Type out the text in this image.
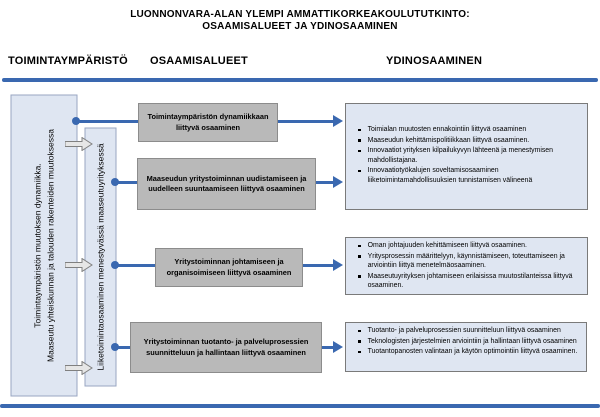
LUONNONVARA-ALAN YLEMPI AMMATTIKORKEAKOULUTUTKINTO:
OSAAMISALUEET JA YDINOSAAMINEN
TOIMINTAYMPÄRISTÖ OSAAMISALUEET	YDINOSAAMINEN
Toimintaympäristön muutoksen dynamiikka. Maaseutu yhteiskunnan ja talouden rakenteiden muutoksessa	Liiketoimintaosaaminen menestyvässä maaseutuyrityksessä
Toimintaympäristön dynamiikkaan liittyvä osaaminen
Maaseudun yritystoiminnan uudistamiseen ja uudelleen suuntaamiseen liittyvä osaaminen
Yritystoiminnan johtamiseen ja organisoimiseen liittyvä osaaminen
Yritystoiminnan tuotanto- ja palveluprosessien suunnitteluun ja hallintaan liittyvä osaaminen
Toimialan muutosten ennakointiin liittyvä osaaminen
Maaseudun kehittämispolitiikkaan liittyvä osaaminen.
Innovaatiot yrityksen kilpailukyvyn lähteenä ja menestymisen mahdollistajana.
Innovaatiotyökalujen soveltamisosaaminen liiketoimintamahdollisuuksien tunnistamisen välineenä
Oman johtajuuden kehittämiseen liittyvä osaaminen.
Yritysprosessin määrittelyyn, käynnistämiseen, toteuttamiseen ja arviointiin liittyä menetelmäosaaminen.
Maaseutuyrityksen johtamiseen erilaisissa muutostilanteissa liittyvä osaaminen.
Tuotanto- ja palveluprosessien suunnitteluun liittyvä osaaminen
Teknologisten järjestelmien arviointiin ja hallintaan liittyvä osaaminen
Tuotantopanosten valintaan ja käytön optimointiin liittyvä osaaminen.
